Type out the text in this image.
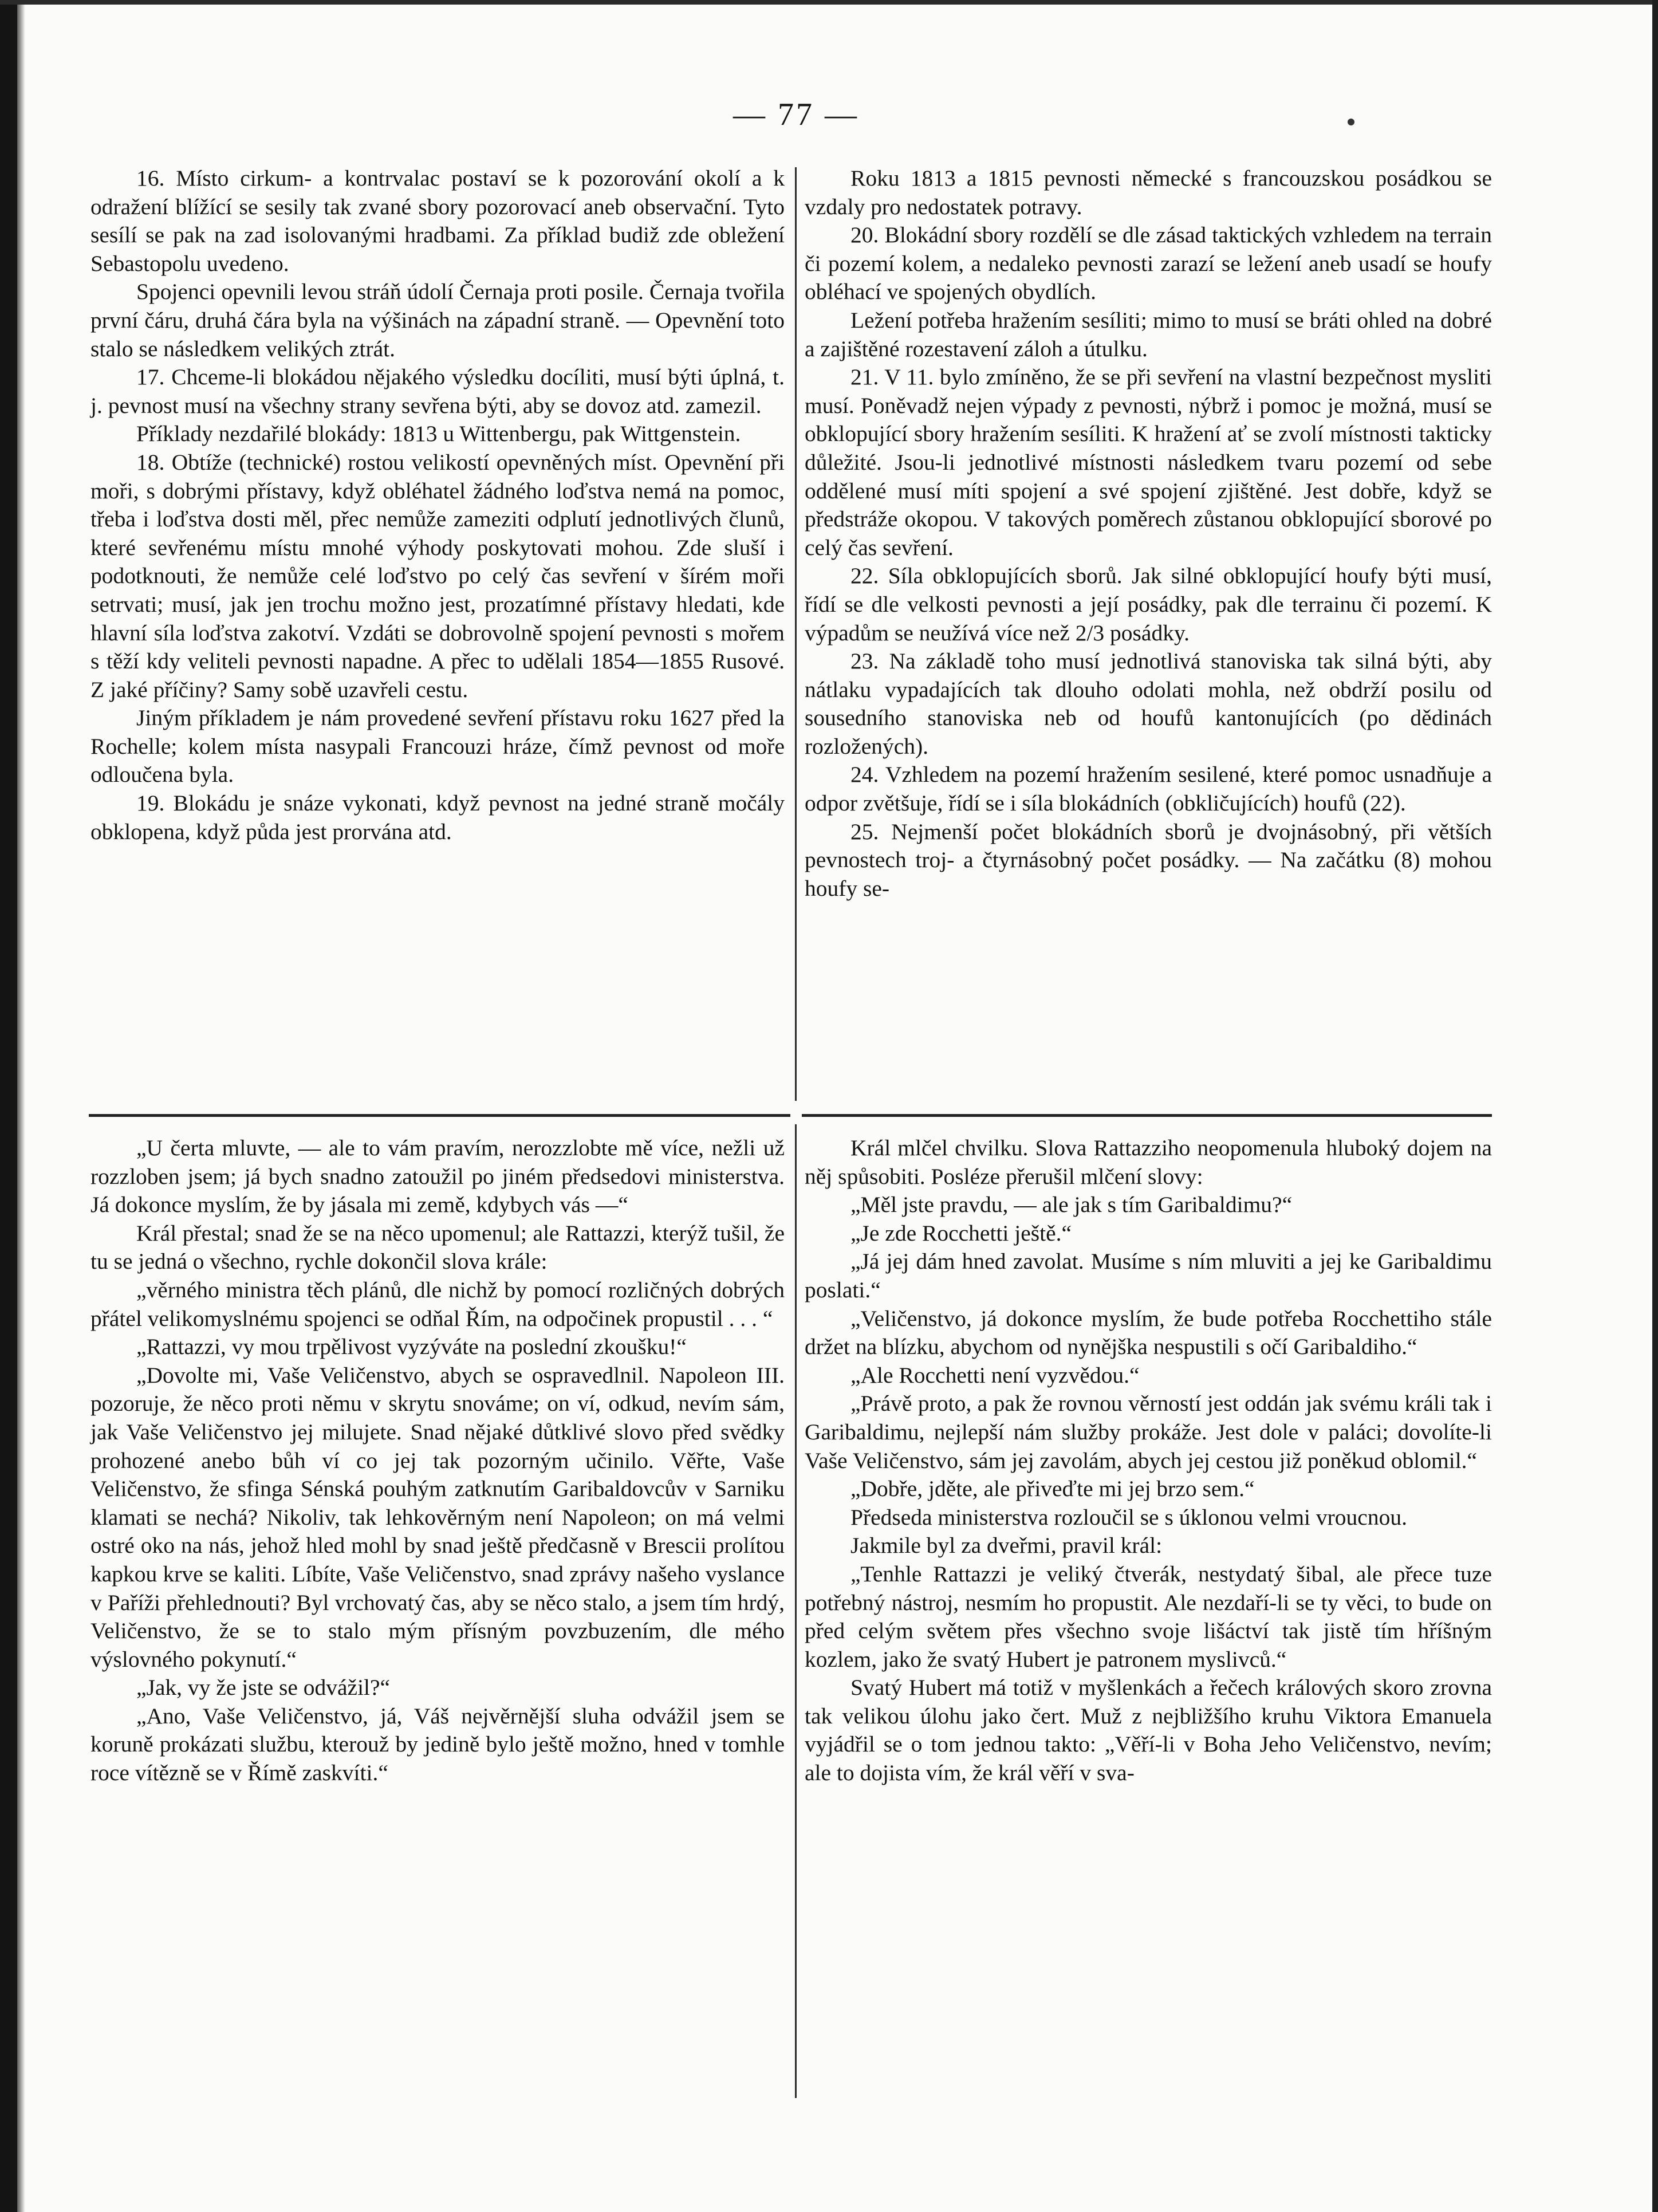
— 77 —

16. Místo cirkum- a kontrvalac postaví se k pozorování okolí a k odražení blížící se sesily tak zvané sbory pozorovací aneb observační. Tyto sesílí se pak na zad isolovanými hradbami. Za příklad budiž zde obležení Sebastopolu uvedeno.

Spojenci opevnili levou stráň údolí Černaja proti posile. Černaja tvořila první čáru, druhá čára byla na výšinách na západní straně. — Opevnění toto stalo se následkem velikých ztrát.

17. Chceme-li blokádou nějakého výsledku docíliti, musí býti úplná, t. j. pevnost musí na všechny strany sevřena býti, aby se dovoz atd. zamezil.

Příklady nezdařilé blokády: 1813 u Wittenbergu, pak Wittgenstein.

18. Obtíže (technické) rostou velikostí opevněných míst. Opevnění při moři, s dobrými přístavy, když obléhatel žádného loďstva nemá na pomoc, třeba i loďstva dosti měl, přec nemůže zameziti odplutí jednotlivých člunů, které sevřenému místu mnohé výhody poskytovati mohou. Zde sluší i podotknouti, že nemůže celé loďstvo po celý čas sevření v šírém moři setrvati; musí, jak jen trochu možno jest, prozatímné přístavy hledati, kde hlavní síla loďstva zakotví. Vzdáti se dobrovolně spojení pevnosti s mořem s těží kdy veliteli pevnosti napadne. A přec to udělali 1854—1855 Rusové. Z jaké příčiny? Samy sobě uzavřeli cestu.

Jiným příkladem je nám provedené sevření přístavu roku 1627 před la Rochelle; kolem místa nasypali Francouzi hráze, čímž pevnost od moře odloučena byla.

19. Blokádu je snáze vykonati, když pevnost na jedné straně močály obklopena, když půda jest prorvána atd.

Roku 1813 a 1815 pevnosti německé s francouzskou posádkou se vzdaly pro nedostatek potravy.

20. Blokádní sbory rozdělí se dle zásad taktických vzhledem na terrain či pozemí kolem, a nedaleko pevnosti zarazí se ležení aneb usadí se houfy obléhací ve spojených obydlích.

Ležení potřeba hražením sesíliti; mimo to musí se bráti ohled na dobré a zajištěné rozestavení záloh a útulku.

21. V 11. bylo zmíněno, že se při sevření na vlastní bezpečnost mysliti musí. Poněvadž nejen výpady z pevnosti, nýbrž i pomoc je možná, musí se obklopující sbory hražením sesíliti. K hražení ať se zvolí místnosti takticky důležité. Jsou-li jednotlivé místnosti následkem tvaru pozemí od sebe oddělené musí míti spojení a své spojení zjištěné. Jest dobře, když se předstráže okopou. V takových poměrech zůstanou obklopující sborové po celý čas sevření.

22. Síla obklopujících sborů. Jak silné obklopující houfy býti musí, řídí se dle velkosti pevnosti a její posádky, pak dle terrainu či pozemí. K výpadům se neužívá více než 2/3 posádky.

23. Na základě toho musí jednotlivá stanoviska tak silná býti, aby nátlaku vypadajících tak dlouho odolati mohla, než obdrží posilu od sousedního stanoviska neb od houfů kantonujících (po dědinách rozložených).

24. Vzhledem na pozemí hražením sesilené, které pomoc usnadňuje a odpor zvětšuje, řídí se i síla blokádních (obkličujících) houfů (22).

25. Nejmenší počet blokádních sborů je dvojnásobný, při větších pevnostech troj- a čtyrnásobný počet posádky. — Na začátku (8) mohou houfy se-

„U čerta mluvte, — ale to vám pravím, nerozzlobte mě více, nežli už rozzloben jsem; já bych snadno zatoužil po jiném předsedovi ministerstva. Já dokonce myslím, že by jásala mi země, kdybych vás —“

Král přestal; snad že se na něco upomenul; ale Rattazzi, kterýž tušil, že tu se jedná o všechno, rychle dokončil slova krále:

„věrného ministra těch plánů, dle nichž by pomocí rozličných dobrých přátel velikomyslnému spojenci se odňal Řím, na odpočinek propustil . . . “

„Rattazzi, vy mou trpělivost vyzýváte na poslední zkoušku!“

„Dovolte mi, Vaše Veličenstvo, abych se ospravedlnil. Napoleon III. pozoruje, že něco proti němu v skrytu snováme; on ví, odkud, nevím sám, jak Vaše Veličenstvo jej milujete. Snad nějaké důtklivé slovo před svědky prohozené anebo bůh ví co jej tak pozorným učinilo. Věřte, Vaše Veličenstvo, že sfinga Sénská pouhým zatknutím Garibaldovcův v Sarniku klamati se nechá? Nikoliv, tak lehkověrným není Napoleon; on má velmi ostré oko na nás, jehož hled mohl by snad ještě předčasně v Brescii prolítou kapkou krve se kaliti. Líbíte, Vaše Veličenstvo, snad zprávy našeho vyslance v Paříži přehlednouti? Byl vrchovatý čas, aby se něco stalo, a jsem tím hrdý, Veličenstvo, že se to stalo mým přísným povzbuzením, dle mého výslovného pokynutí.“

„Jak, vy že jste se odvážil?“

„Ano, Vaše Veličenstvo, já, Váš nejvěrnější sluha odvážil jsem se koruně prokázati službu, kterouž by jedině bylo ještě možno, hned v tomhle roce vítězně se v Římě zaskvíti.“

Král mlčel chvilku. Slova Rattazziho neopomenula hluboký dojem na něj spůsobiti. Posléze přerušil mlčení slovy:

„Měl jste pravdu, — ale jak s tím Garibaldimu?“

„Je zde Rocchetti ještě.“

„Já jej dám hned zavolat. Musíme s ním mluviti a jej ke Garibaldimu poslati.“

„Veličenstvo, já dokonce myslím, že bude potřeba Rocchettiho stále držet na blízku, abychom od nynějška nespustili s očí Garibaldiho.“

„Ale Rocchetti není vyzvědou.“

„Právě proto, a pak že rovnou věrností jest oddán jak svému králi tak i Garibaldimu, nejlepší nám služby prokáže. Jest dole v paláci; dovolíte-li Vaše Veličenstvo, sám jej zavolám, abych jej cestou již poněkud oblomil.“

„Dobře, jděte, ale přiveďte mi jej brzo sem.“

Předseda ministerstva rozloučil se s úklonou velmi vroucnou.

Jakmile byl za dveřmi, pravil král:

„Tenhle Rattazzi je veliký čtverák, nestydatý šibal, ale přece tuze potřebný nástroj, nesmím ho propustit. Ale nezdaří-li se ty věci, to bude on před celým světem přes všechno svoje lišáctví tak jistě tím hříšným kozlem, jako že svatý Hubert je patronem myslivců.“

Svatý Hubert má totiž v myšlenkách a řečech králových skoro zrovna tak velikou úlohu jako čert. Muž z nejbližšího kruhu Viktora Emanuela vyjádřil se o tom jednou takto: „Věří-li v Boha Jeho Veličenstvo, nevím; ale to dojista vím, že král věří v sva-
